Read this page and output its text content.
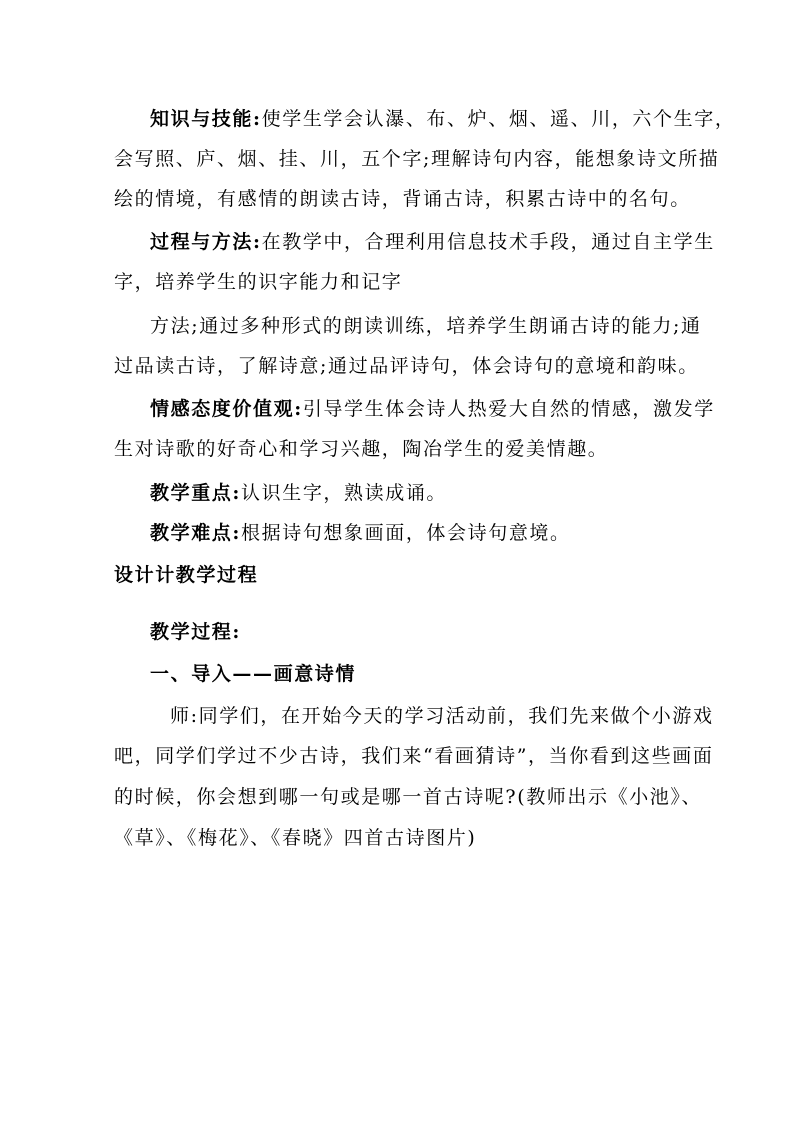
知识与技能:使学生学会认瀑、布、炉、烟、遥、川，六个生字，
会写照、庐、烟、挂、川，五个字;理解诗句内容，能想象诗文所描
绘的情境，有感情的朗读古诗，背诵古诗，积累古诗中的名句。
过程与方法:在教学中，合理利用信息技术手段，通过自主学生
字，培养学生的识字能力和记字
方法;通过多种形式的朗读训练，培养学生朗诵古诗的能力;通
过品读古诗，了解诗意;通过品评诗句，体会诗句的意境和韵味。
情感态度价值观:引导学生体会诗人热爱大自然的情感，激发学
生对诗歌的好奇心和学习兴趣，陶冶学生的爱美情趣。
教学重点:认识生字，熟读成诵。
教学难点:根据诗句想象画面，体会诗句意境。
设计计教学过程
教学过程:
一、导入——画意诗情
师:同学们，在开始今天的学习活动前，我们先来做个小游戏
吧，同学们学过不少古诗，我们来“看画猜诗”，当你看到这些画面
的时候，你会想到哪一句或是哪一首古诗呢?(教师出示《小池》、
《草》、《梅花》、《春晓》四首古诗图片)
